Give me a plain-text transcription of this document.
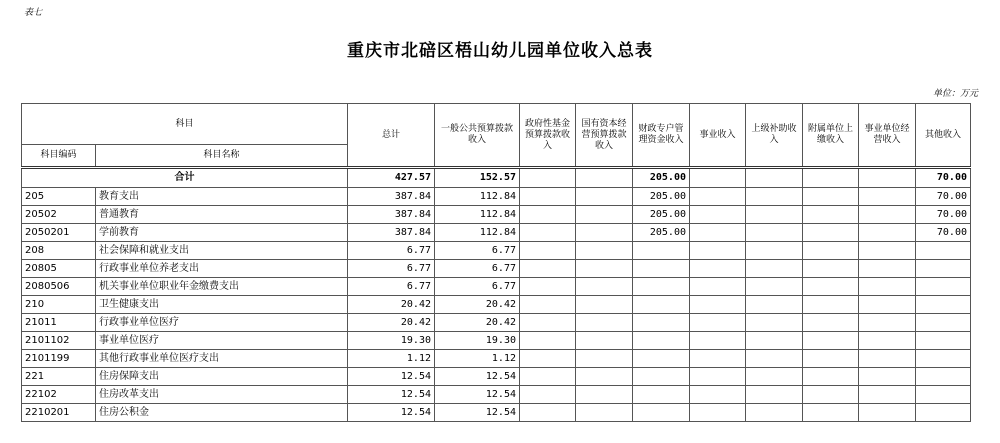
表七
重庆市北碚区梧山幼儿园单位收入总表
单位：万元
科目		总计	一般公共预算拨款收入	政府性基金预算拨款收入	国有资本经营预算拨款收入	财政专户管理资金收入	事业收入	上级补助收入	附属单位上缴收入	事业单位经营收入	其他收入
科目编码	科目名称										
合计		427.57	152.57			205.00					70.00
205	教育支出	387.84	112.84			205.00					70.00
20502	普通教育	387.84	112.84			205.00					70.00
2050201	学前教育	387.84	112.84			205.00					70.00
208	社会保障和就业支出	6.77	6.77								
20805	行政事业单位养老支出	6.77	6.77								
2080506	机关事业单位职业年金缴费支出	6.77	6.77								
210	卫生健康支出	20.42	20.42								
21011	行政事业单位医疗	20.42	20.42								
2101102	事业单位医疗	19.30	19.30								
2101199	其他行政事业单位医疗支出	1.12	1.12								
221	住房保障支出	12.54	12.54								
22102	住房改革支出	12.54	12.54								
2210201	住房公积金	12.54	12.54								
